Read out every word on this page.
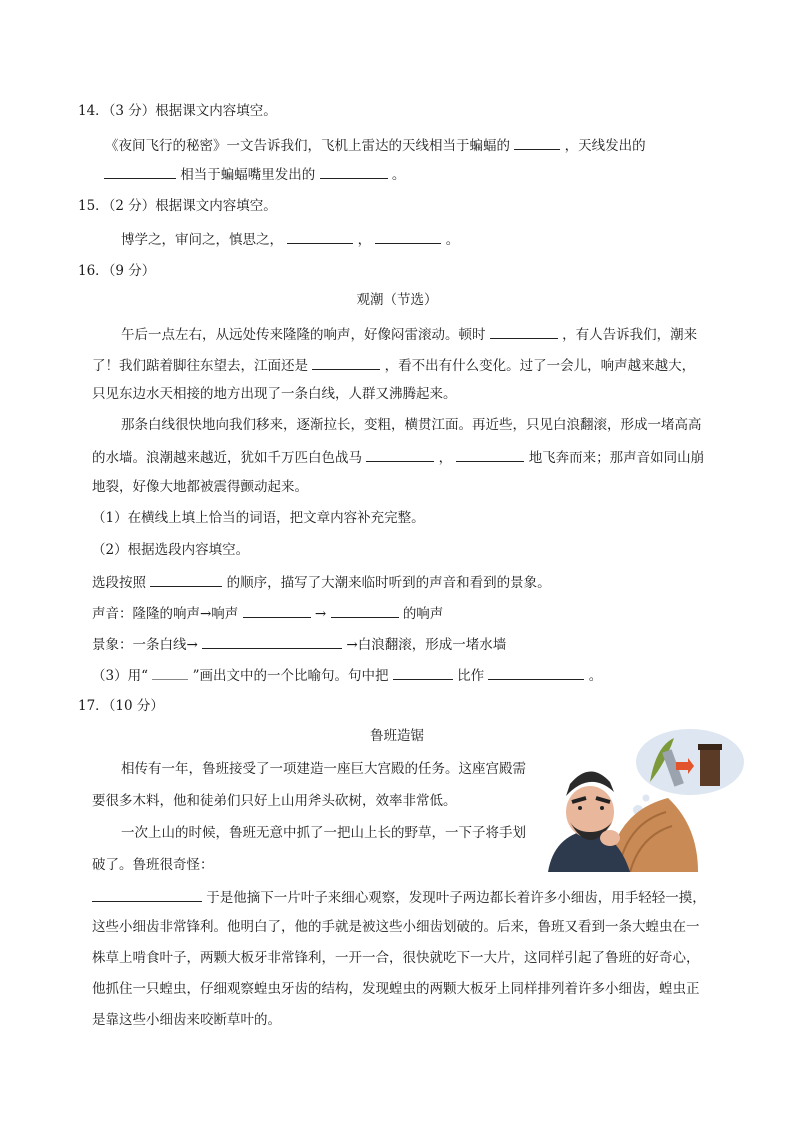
14．（3 分）根据课文内容填空。
《夜间飞行的秘密》一文告诉我们，飞机上雷达的天线相当于蝙蝠的	，天线发出的
相当于蝙蝠嘴里发出的	。
15．（2 分）根据课文内容填空。
博学之，审问之，慎思之，	，	。
16．（9 分）
观潮（节选）
午后一点左右，从远处传来隆隆的响声，好像闷雷滚动。顿时	，有人告诉我们，潮来
了！我们踮着脚往东望去，江面还是	，看不出有什么变化。过了一会儿，响声越来越大，
只见东边水天相接的地方出现了一条白线，人群又沸腾起来。
那条白线很快地向我们移来，逐渐拉长，变粗，横贯江面。再近些，只见白浪翻滚，形成一堵高高
的水墙。浪潮越来越近，犹如千万匹白色战马	，	地飞奔而来；那声音如同山崩
地裂，好像大地都被震得颤动起来。
（1）在横线上填上恰当的词语，把文章内容补充完整。
（2）根据选段内容填空。
选段按照	的顺序，描写了大潮来临时听到的声音和看到的景象。
声音：隆隆的响声→响声	→	的响声
景象：一条白线→	→白浪翻滚，形成一堵水墙
（3）用“	”画出文中的一个比喻句。句中把	比作	。
17．（10 分）
鲁班造锯
相传有一年，鲁班接受了一项建造一座巨大宫殿的任务。这座宫殿需
要很多木料，他和徒弟们只好上山用斧头砍树，效率非常低。
一次上山的时候，鲁班无意中抓了一把山上长的野草，一下子将手划
破了。鲁班很奇怪：
于是他摘下一片叶子来细心观察，发现叶子两边都长着许多小细齿，用手轻轻一摸，
这些小细齿非常锋利。他明白了，他的手就是被这些小细齿划破的。后来，鲁班又看到一条大蝗虫在一
株草上啃食叶子，两颗大板牙非常锋利，一开一合，很快就吃下一大片，这同样引起了鲁班的好奇心，
他抓住一只蝗虫，仔细观察蝗虫牙齿的结构，发现蝗虫的两颗大板牙上同样排列着许多小细齿，蝗虫正
是靠这些小细齿来咬断草叶的。
